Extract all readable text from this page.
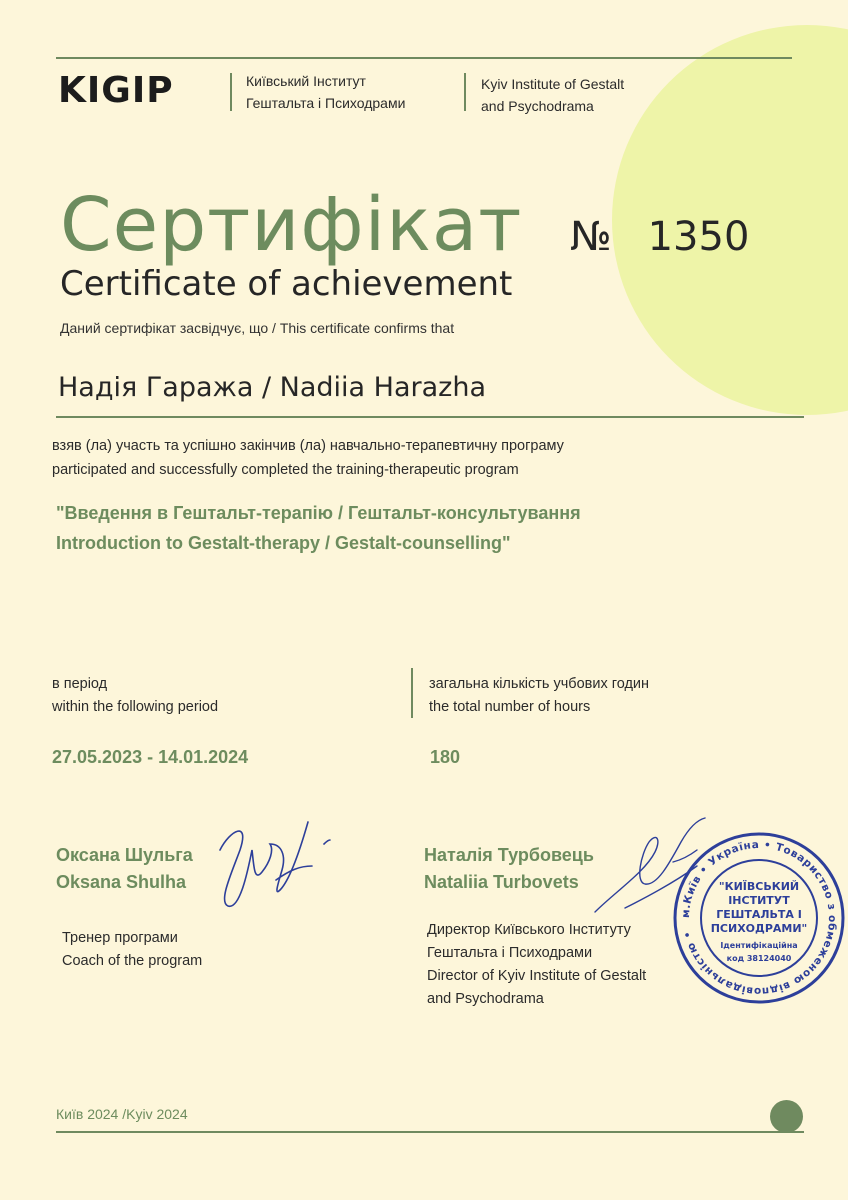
KIGIP	Київський Інститут
Гештальта і Психодрами
Kyiv Institute of Gestalt
and Psychodrama
Сертифікат
Certificate of achievement
№ 1350
Даний сертифікат засвідчує, що / This certificate confirms that
Надія Гаража / Nadiia Harazha
взяв (ла) участь та успішно закінчив (ла) навчально-терапевтичну програму
participated and successfully completed the training-therapeutic program
"Введення в Гештальт-терапію / Гештальт-консультування
Introduction to Gestalt-therapy / Gestalt-counselling"
в період
within the following period
загальна кількість учбових годин
the total number of hours
27.05.2023 - 14.01.2024	180
Оксана Шульга
Oksana Shulha
Тренер програми
Coach of the program
Наталія Турбовець
Nataliia Turbovets
Директор Київського Інституту
Гештальта і Психодрами
Director of Kyiv Institute of Gestalt
and Psychodrama
м.Київ • Україна • Товариство з обмеженою відповідальністю •
"КИЇВСЬКИЙ
ІНСТИТУТ
ГЕШТАЛЬТА І
ПСИХОДРАМИ"
Ідентифікаційна
код 38124040
Київ 2024 /Kyiv 2024
